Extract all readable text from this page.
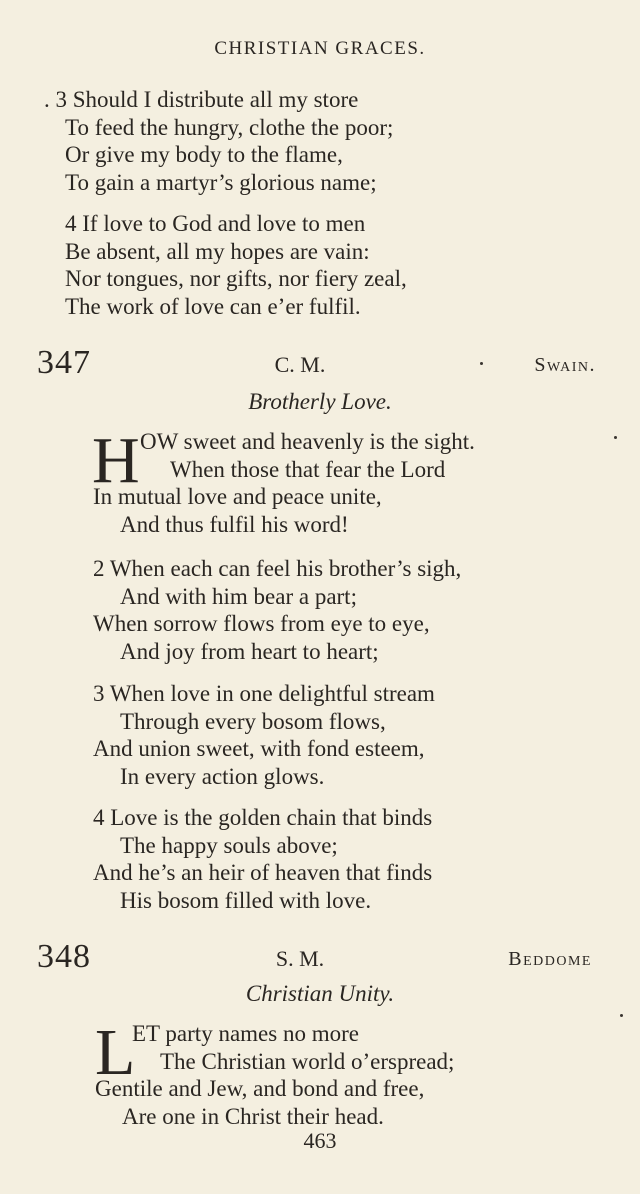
CHRISTIAN GRACES.
. 3 Should I distribute all my store
To feed the hungry, clothe the poor;
Or give my body to the flame,
To gain a martyr’s glorious name;
4 If love to God and love to men
Be absent, all my hopes are vain:
Nor tongues, nor gifts, nor fiery zeal,
The work of love can e’er fulfil.
347	C. M.	Swain.
Brotherly Love.
H OW sweet and heavenly is the sight.
When those that fear the Lord
In mutual love and peace unite,
And thus fulfil his word!
2 When each can feel his brother’s sigh,
And with him bear a part;
When sorrow flows from eye to eye,
And joy from heart to heart;
3 When love in one delightful stream
Through every bosom flows,
And union sweet, with fond esteem,
In every action glows.
4 Love is the golden chain that binds
The happy souls above;
And he’s an heir of heaven that finds
His bosom filled with love.
348	S. M.	Beddome
Christian Unity.
L
ET party names no more
The Christian world o’erspread;
Gentile and Jew, and bond and free,
Are one in Christ their head.
463
